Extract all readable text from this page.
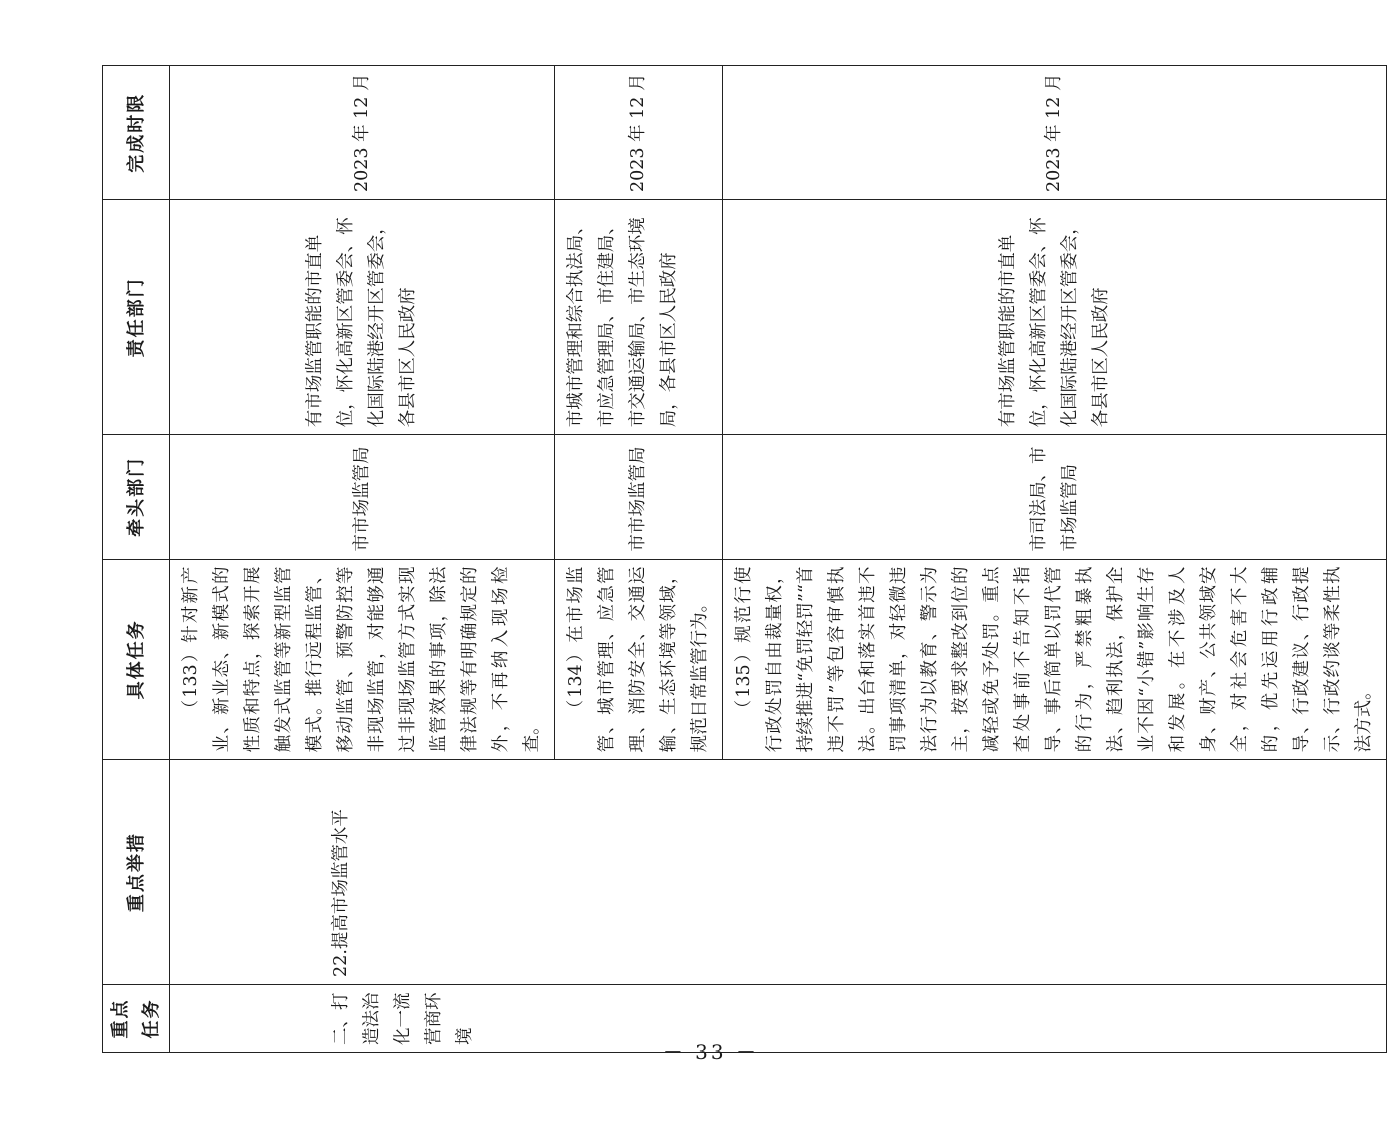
重点任务	重点举措	具体任务	牵头部门	责任部门	完成时限

二、打造法治化一流营商环境	22.提高市场监管水平	（133）针对新产业、新业态、新模式的性质和特点，探索开展触发式监管等新型监管模式。推行远程监管、移动监管、预警防控等非现场监管，对能够通过非现场监管方式实现监管效果的事项，除法律法规等有明确规定的外，不再纳入现场检查。	市市场监管局	有市场监管职能的市直单位，怀化高新区管委会、怀化国际陆港经开区管委会，各县市区人民政府	2023 年 12 月
		（134）在市场监管、城市管理、应急管理、消防安全、交通运输、生态环境等领域，规范日常监管行为。	市市场监管局	市城市管理和综合执法局、市应急管理局、市住建局、市交通运输局、市生态环境局，各县市区人民政府	2023 年 12 月
		（135）规范行使行政处罚自由裁量权，持续推进“免罚轻罚”“首违不罚”等包容审慎执法。出台和落实首违不罚事项清单，对轻微违法行为以教育、警示为主，按要求整改到位的减轻或免予处罚。重点查处事前不告知不指导、事后简单以罚代管的行为，严禁粗暴执法、趋利执法，保护企业不因“小错”影响生存和发展。在不涉及人身、财产、公共领域安全，对社会危害不大的，优先运用行政辅导、行政建议、行政提示、行政约谈等柔性执法方式。	市司法局、市市场监管局	有市场监管职能的市直单位，怀化高新区管委会、怀化国际陆港经开区管委会，各县市区人民政府	2023 年 12 月
－ 33 －
